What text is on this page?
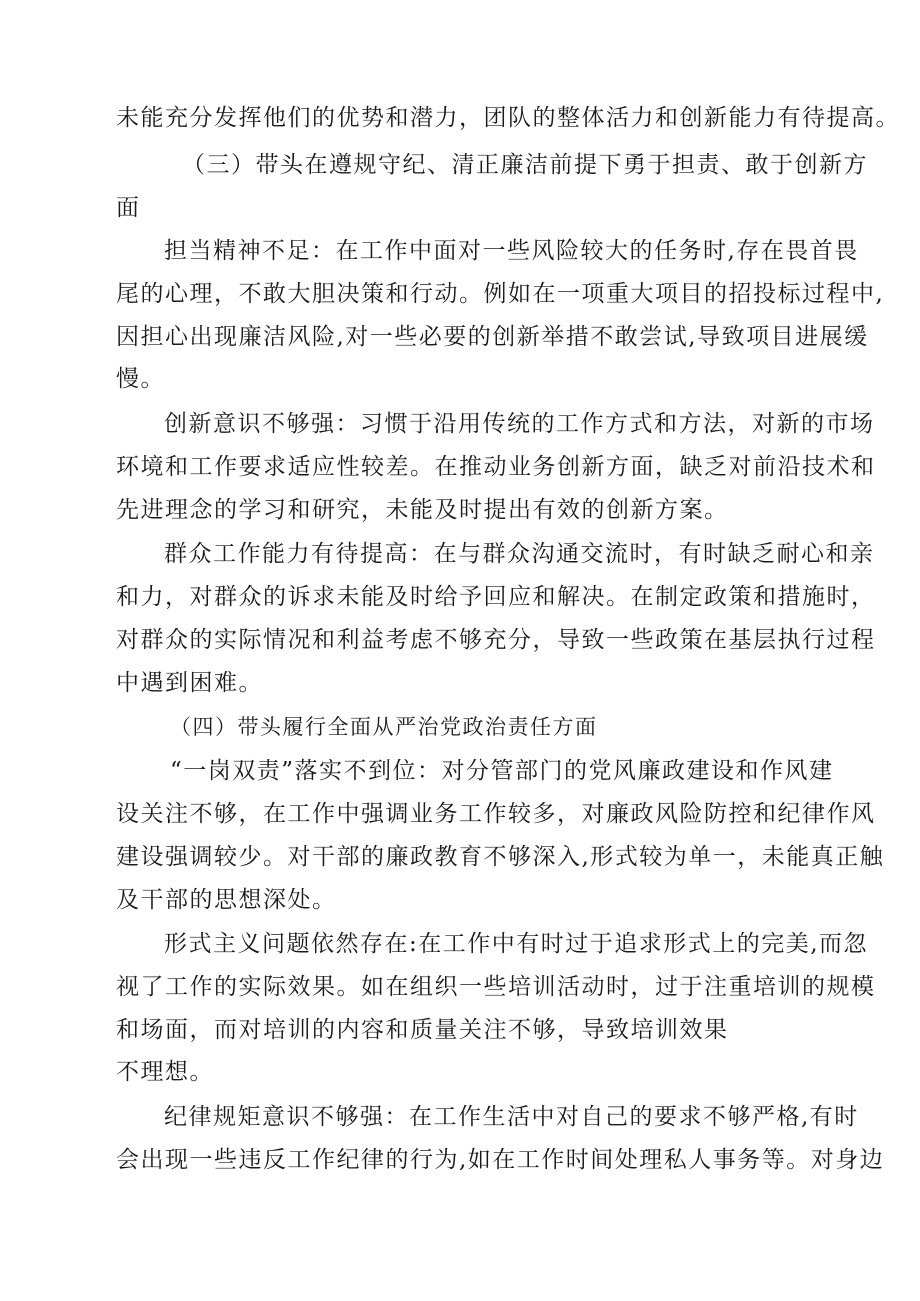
未能充分发挥他们的优势和潜力，团队的整体活力和创新能力有待提高。
（三）带头在遵规守纪、清正廉洁前提下勇于担责、敢于创新方
面
担当精神不足：在工作中面对一些风险较大的任务时,存在畏首畏
尾的心理，不敢大胆决策和行动。例如在一项重大项目的招投标过程中,
因担心出现廉洁风险,对一些必要的创新举措不敢尝试,导致项目进展缓
慢。
创新意识不够强：习惯于沿用传统的工作方式和方法，对新的市场
环境和工作要求适应性较差。在推动业务创新方面，缺乏对前沿技术和
先进理念的学习和研究，未能及时提出有效的创新方案。
群众工作能力有待提高：在与群众沟通交流时，有时缺乏耐心和亲
和力，对群众的诉求未能及时给予回应和解决。在制定政策和措施时，
对群众的实际情况和利益考虑不够充分，导致一些政策在基层执行过程
中遇到困难。
（四）带头履行全面从严治党政治责任方面
“一岗双责”落实不到位：对分管部门的党风廉政建设和作风建
设关注不够，在工作中强调业务工作较多，对廉政风险防控和纪律作风
建设强调较少。对干部的廉政教育不够深入,形式较为单一，未能真正触
及干部的思想深处。
形式主义问题依然存在:在工作中有时过于追求形式上的完美,而忽
视了工作的实际效果。如在组织一些培训活动时，过于注重培训的规模
和场面，而对培训的内容和质量关注不够，导致培训效果
不理想。
纪律规矩意识不够强：在工作生活中对自己的要求不够严格,有时
会出现一些违反工作纪律的行为,如在工作时间处理私人事务等。对身边
